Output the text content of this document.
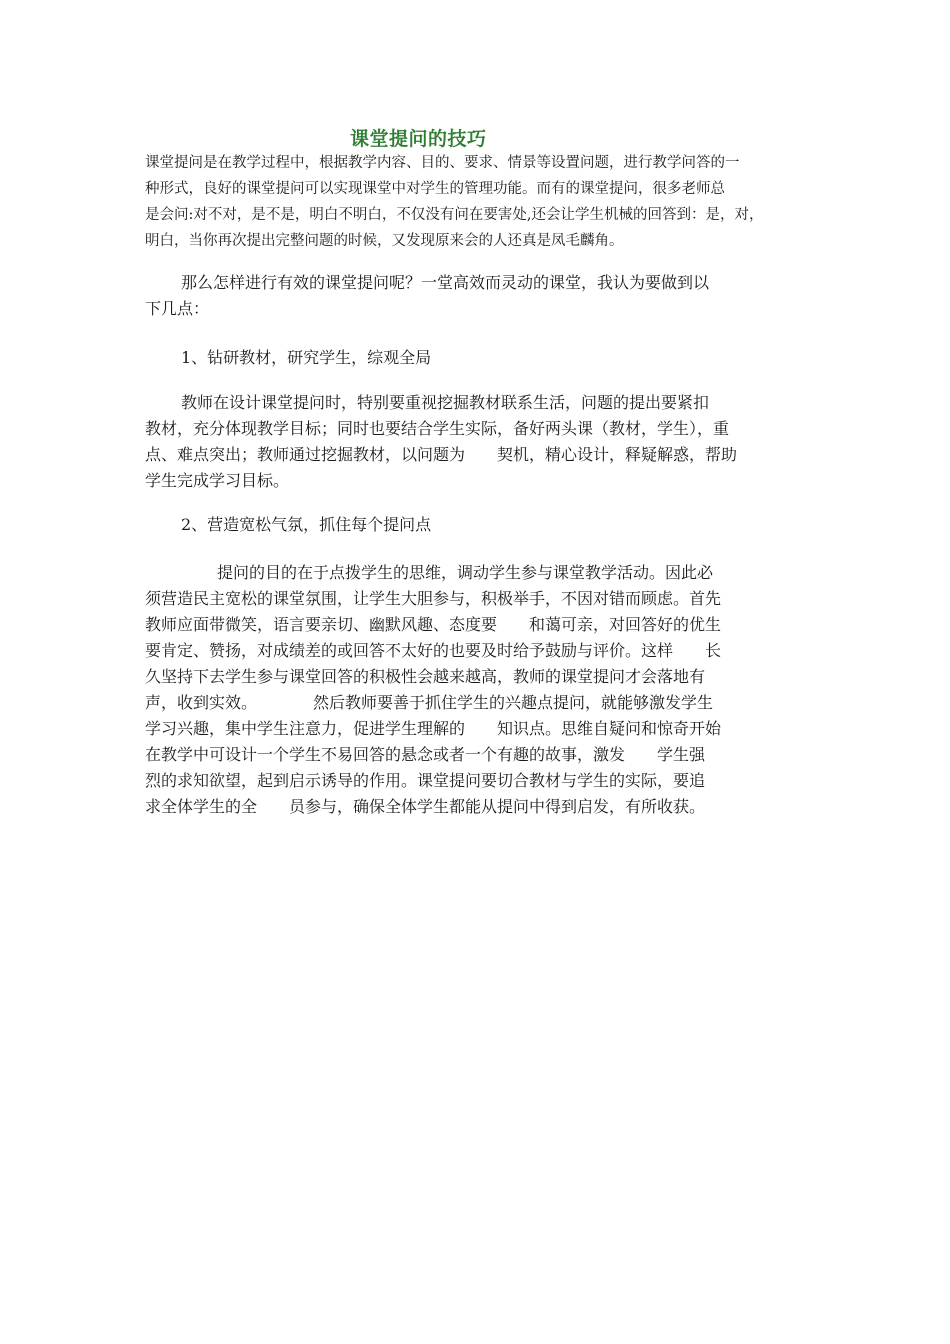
课堂提问的技巧
课堂提问是在教学过程中，根据教学内容、目的、要求、情景等设置问题，进行教学问答的一
种形式，良好的课堂提问可以实现课堂中对学生的管理功能。而有的课堂提问，很多老师总
是会问:对不对，是不是，明白不明白，不仅没有问在要害处,还会让学生机械的回答到：是，对，
明白，当你再次提出完整问题的时候，又发现原来会的人还真是凤毛麟角。
那么怎样进行有效的课堂提问呢？一堂高效而灵动的课堂，我认为要做到以
下几点：
1、钻研教材，研究学生，综观全局
教师在设计课堂提问时，特别要重视挖掘教材联系生活，问题的提出要紧扣
教材，充分体现教学目标；同时也要结合学生实际，备好两头课（教材，学生），重
点、难点突出；教师通过挖掘教材，以问题为　　契机，精心设计，释疑解惑，帮助
学生完成学习目标。
2、营造宽松气氛，抓住每个提问点
提问的目的在于点拨学生的思维，调动学生参与课堂教学活动。因此必
须营造民主宽松的课堂氛围，让学生大胆参与，积极举手，不因对错而顾虑。首先
教师应面带微笑，语言要亲切、幽默风趣、态度要　　和蔼可亲，对回答好的优生
要肯定、赞扬，对成绩差的或回答不太好的也要及时给予鼓励与评价。这样　　长
久坚持下去学生参与课堂回答的积极性会越来越高，教师的课堂提问才会落地有
声，收到实效。　　　　然后教师要善于抓住学生的兴趣点提问，就能够激发学生
学习兴趣，集中学生注意力，促进学生理解的　　知识点。思维自疑问和惊奇开始
在教学中可设计一个学生不易回答的悬念或者一个有趣的故事，激发　　学生强
烈的求知欲望，起到启示诱导的作用。课堂提问要切合教材与学生的实际，要追
求全体学生的全　　员参与，确保全体学生都能从提问中得到启发，有所收获。
